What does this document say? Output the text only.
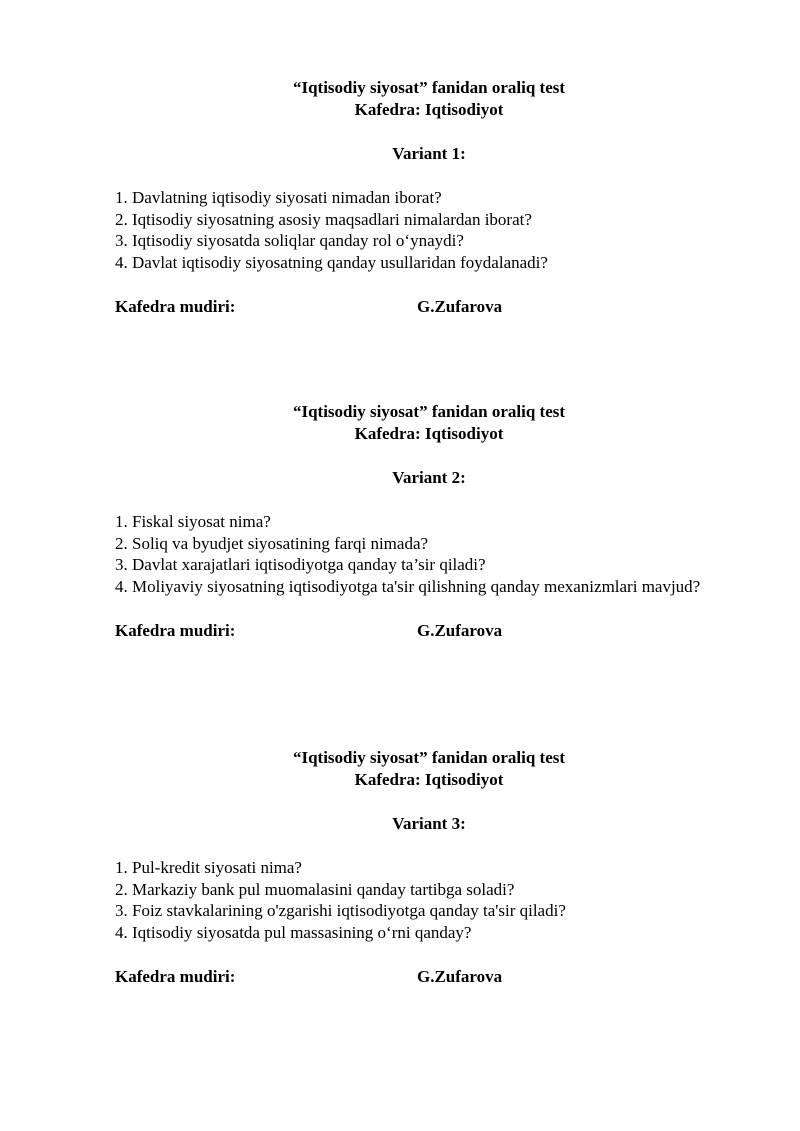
“Iqtisodiy siyosat” fanidan oraliq test

Kafedra: Iqtisodiyot

Variant 1:

1. Davlatning iqtisodiy siyosati nimadan iborat?
2. Iqtisodiy siyosatning asosiy maqsadlari nimalardan iborat?
3. Iqtisodiy siyosatda soliqlar qanday rol o‘ynaydi?
4. Davlat iqtisodiy siyosatning qanday usullaridan foydalanadi?
Kafedra mudiri:	G.Zufarova

“Iqtisodiy siyosat” fanidan oraliq test

Kafedra: Iqtisodiyot

Variant 2:

1. Fiskal siyosat nima?
2. Soliq va byudjet siyosatining farqi nimada?
3. Davlat xarajatlari iqtisodiyotga qanday ta’sir qiladi?
4. Moliyaviy siyosatning iqtisodiyotga ta'sir qilishning qanday mexanizmlari mavjud?
Kafedra mudiri:	G.Zufarova

“Iqtisodiy siyosat” fanidan oraliq test

Kafedra: Iqtisodiyot

Variant 3:

1. Pul-kredit siyosati nima?
2. Markaziy bank pul muomalasini qanday tartibga soladi?
3. Foiz stavkalarining o'zgarishi iqtisodiyotga qanday ta'sir qiladi?
4. Iqtisodiy siyosatda pul massasining o‘rni qanday?
Kafedra mudiri:	G.Zufarova
